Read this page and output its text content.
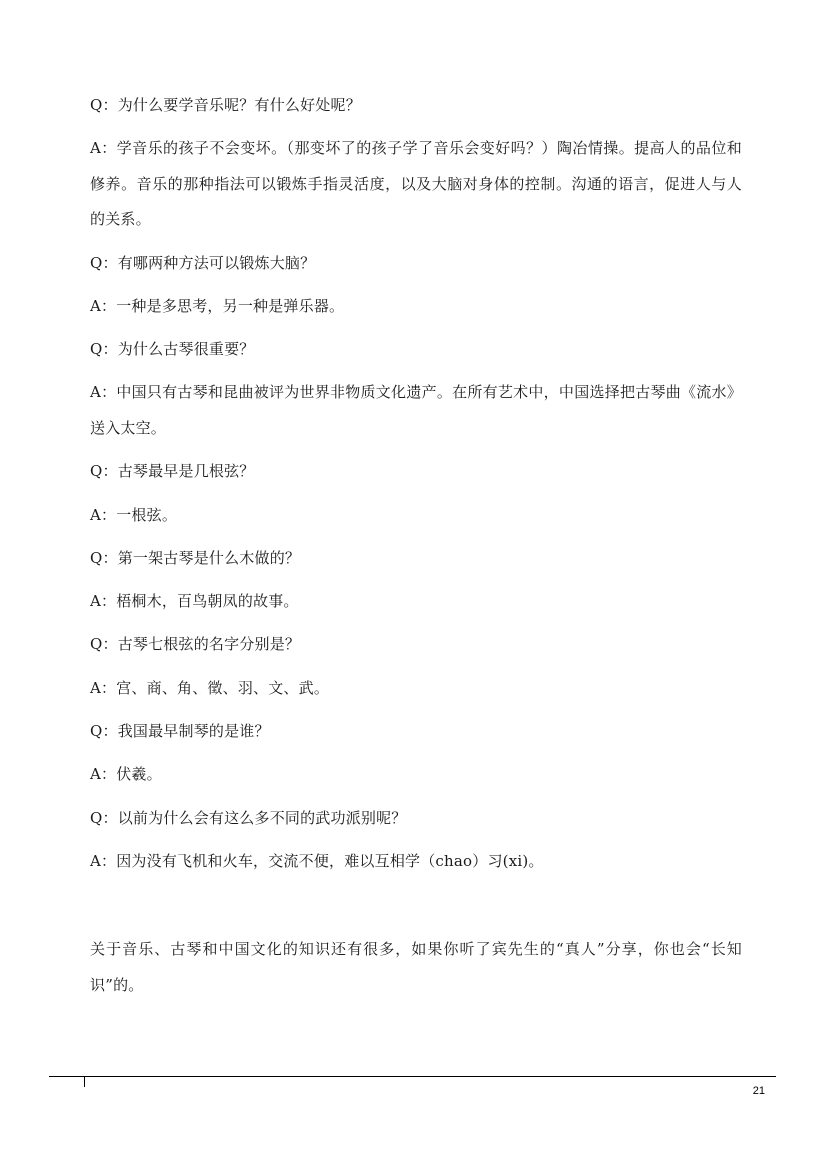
Q：为什么要学音乐呢？有什么好处呢？

A：学音乐的孩子不会变坏。（那变坏了的孩子学了音乐会变好吗？）陶冶情操。提高人的品位和修养。音乐的那种指法可以锻炼手指灵活度，以及大脑对身体的控制。沟通的语言，促进人与人的关系。

Q：有哪两种方法可以锻炼大脑？

A：一种是多思考，另一种是弹乐器。

Q：为什么古琴很重要？

A：中国只有古琴和昆曲被评为世界非物质文化遗产。在所有艺术中，中国选择把古琴曲《流水》送入太空。

Q：古琴最早是几根弦？

A：一根弦。

Q：第一架古琴是什么木做的？

A：梧桐木，百鸟朝凤的故事。

Q：古琴七根弦的名字分别是？

A：宫、商、角、徵、羽、文、武。

Q：我国最早制琴的是谁？

A：伏羲。

Q：以前为什么会有这么多不同的武功派别呢？

A：因为没有飞机和火车，交流不便，难以互相学（chao）习(xi)。

关于音乐、古琴和中国文化的知识还有很多，如果你听了宾先生的“真人”分享，你也会“长知识”的。

21
